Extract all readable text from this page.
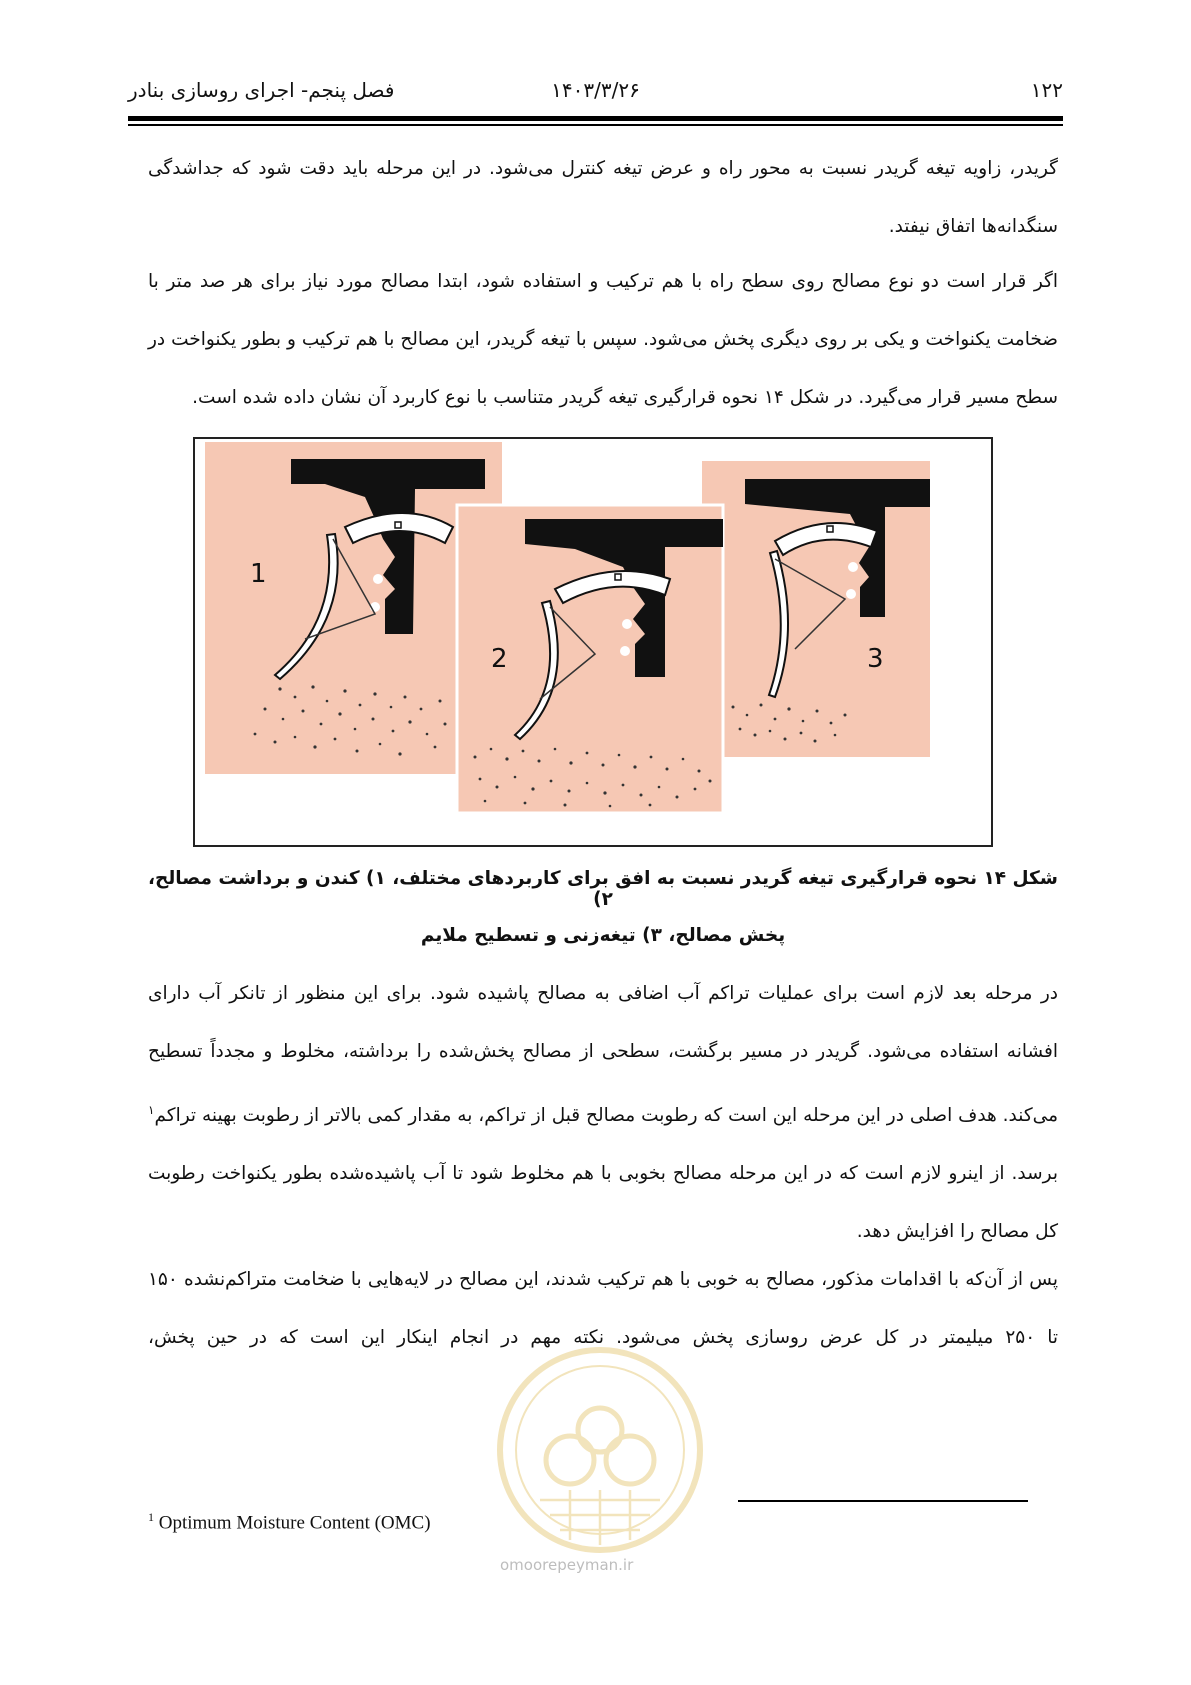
۱۲۲
۱۴۰۳/۳/۲۶
فصل پنجم- اجرای روسازی بنادر

گریدر، زاویه تیغه گریدر نسبت به محور راه و عرض تیغه کنترل می‌شود. در این مرحله باید دقت شود که جداشدگی سنگدانه‌ها اتفاق نیفتد.

اگر قرار است دو نوع مصالح روی سطح راه با هم ترکیب و استفاده شود، ابتدا مصالح مورد نیاز برای هر صد متر با ضخامت یکنواخت و یکی بر روی دیگری پخش می‌شود. سپس با تیغه گریدر، این مصالح با هم ترکیب و بطور یکنواخت در سطح مسیر قرار می‌گیرد. در شکل ۱۴ نحوه قرارگیری تیغه گریدر متناسب با نوع کاربرد آن نشان داده شده است.

1
3
2

شکل ۱۴ نحوه قرارگیری تیغه گریدر نسبت به افق برای کاربردهای مختلف، ۱) کندن و برداشت مصالح، ۲)

پخش مصالح، ۳) تیغه‌زنی و تسطیح ملایم

در مرحله بعد لازم است برای عملیات تراکم آب اضافی به مصالح پاشیده شود. برای این منظور از تانکر آب دارای افشانه استفاده می‌شود. گریدر در مسیر برگشت، سطحی از مصالح پخش‌شده را برداشته، مخلوط و مجدداً تسطیح می‌کند. هدف اصلی در این مرحله این است که رطوبت مصالح قبل از تراکم، به مقدار کمی بالاتر از رطوبت بهینه تراکم$^۱$ برسد. از اینرو لازم است که در این مرحله مصالح بخوبی با هم مخلوط شود تا آب پاشیده‌شده بطور یکنواخت رطوبت کل مصالح را افزایش دهد.

پس از آن‌که با اقدامات مذکور، مصالح به خوبی با هم ترکیب شدند، این مصالح در لایه‌هایی با ضخامت متراکم‌نشده ۱۵۰ تا ۲۵۰ میلیمتر در کل عرض روسازی پخش می‌شود. نکته مهم در انجام اینکار این است که در حین پخش،

omoorepeyman.ir
$^1$ Optimum Moisture Content (OMC)
